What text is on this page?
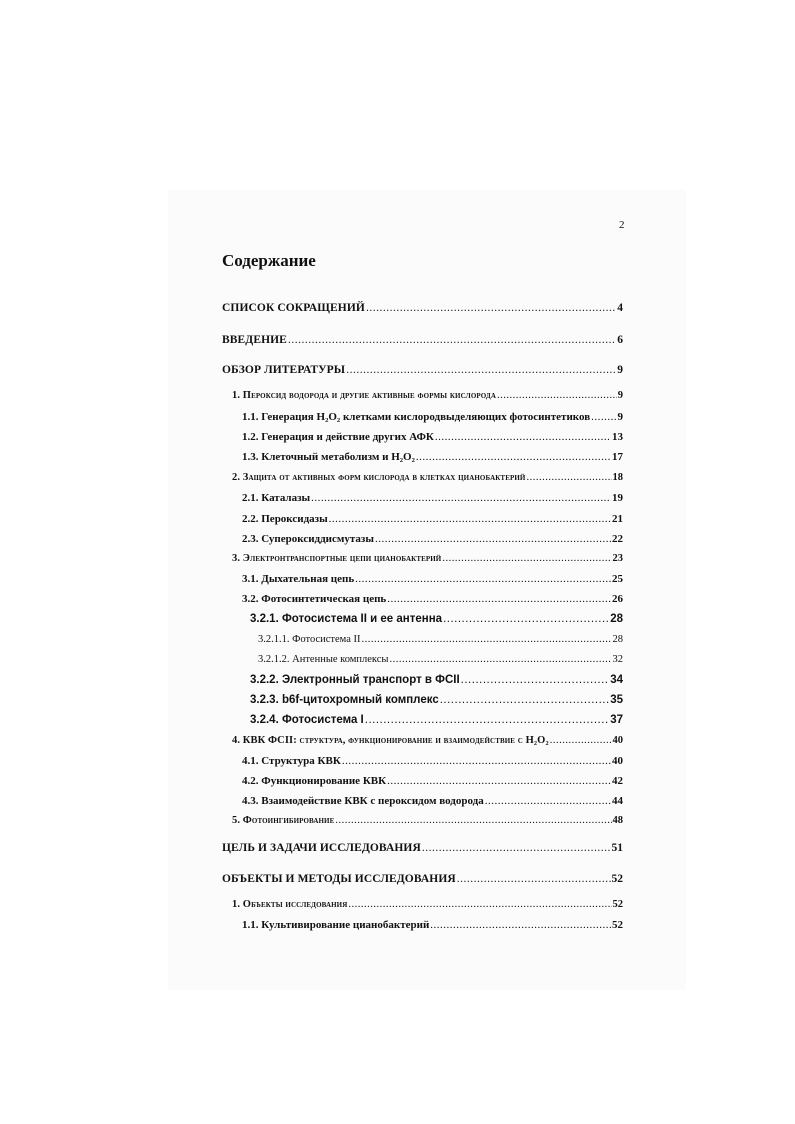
2
Содержание
СПИСОК СОКРАЩЕНИЙ .....	4
ВВЕДЕНИЕ .....	6
ОБЗОР ЛИТЕРАТУРЫ .....	9
1. Пероксид водорода и другие активные формы кислорода .....	9
1.1. Генерация H₂O₂ клетками кислородвыделяющих фотосинтетиков ..... 9
1.2. Генерация и действие других АФК .....	13
1.3. Клеточный метаболизм и H₂O₂ .....	17
2. Защита от активных форм кислорода в клетках цианобактерий .....	18
2.1. Каталазы .....	19
2.2. Пероксидазы .....	21
2.3. Супероксиддисмутазы .....	22
3. Электронтранспортные цепи цианобактерий .....	23
3.1. Дыхательная цепь .....	25
3.2. Фотосинтетическая цепь .....	26
3.2.1. Фотосистема II и ее антенна .....	28
3.2.1.1. Фотосистема II .....	28
3.2.1.2. Антенные комплексы .....	32
3.2.2. Электронный транспорт в ФСII .....	34
3.2.3. b6f-цитохромный комплекс .....	35
3.2.4. Фотосистема I .....	37
4. КВК ФСII: структура, функционирование и взаимодействие с H₂O₂ .....	40
4.1. Структура КВК .....	40
4.2. Функционирование КВК .....	42
4.3. Взаимодействие КВК с пероксидом водорода .....	44
5. Фотоингибирование .....	48
ЦЕЛЬ И ЗАДАЧИ ИССЛЕДОВАНИЯ .....	51
ОБЪЕКТЫ И МЕТОДЫ ИССЛЕДОВАНИЯ .....	52
1. Объекты исследования .....	52
1.1. Культивирование цианобактерий .....	52
